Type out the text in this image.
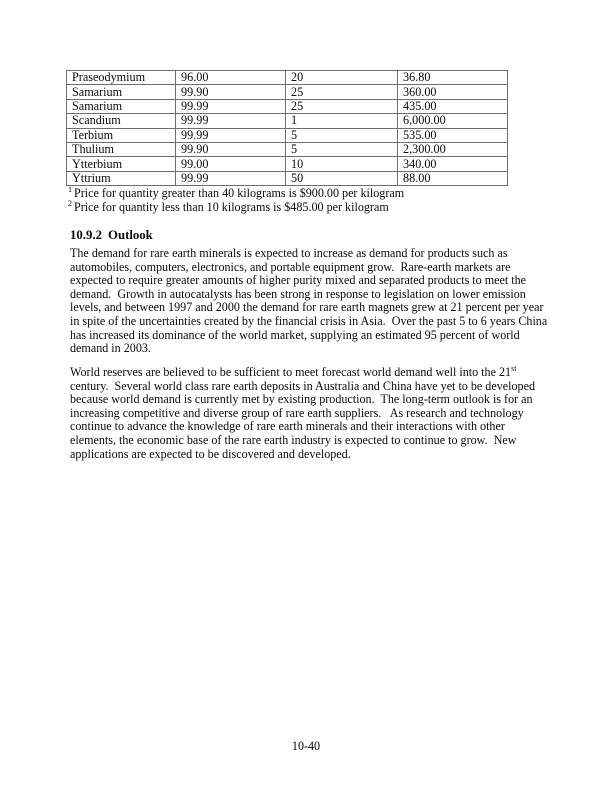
Praseodymium	96.00	20	36.80
Samarium	99.90	25	360.00
Samarium	99.99	25	435.00
Scandium	99.99	1	6,000.00
Terbium	99.99	5	535.00
Thulium	99.90	5	2,300.00
Ytterbium	99.00	10	340.00
Yttrium	99.99	50	88.00
$^1$ Price for quantity greater than 40 kilograms is $900.00 per kilogram
$^2$ Price for quantity less than 10 kilograms is $485.00 per kilogram
10.9.2 Outlook
The demand for rare earth minerals is expected to increase as demand for products such as automobiles, computers, electronics, and portable equipment grow.  Rare-earth markets are expected to require greater amounts of higher purity mixed and separated products to meet the demand.  Growth in autocatalysts has been strong in response to legislation on lower emission levels, and between 1997 and 2000 the demand for rare earth magnets grew at 21 percent per year in spite of the uncertainties created by the financial crisis in Asia.  Over the past 5 to 6 years China has increased its dominance of the world market, supplying an estimated 95 percent of world demand in 2003.
World reserves are believed to be sufficient to meet forecast world demand well into the 21st century.  Several world class rare earth deposits in Australia and China have yet to be developed because world demand is currently met by existing production.  The long-term outlook is for an increasing competitive and diverse group of rare earth suppliers.   As research and technology continue to advance the knowledge of rare earth minerals and their interactions with other elements, the economic base of the rare earth industry is expected to continue to grow.  New applications are expected to be discovered and developed.
10-40
